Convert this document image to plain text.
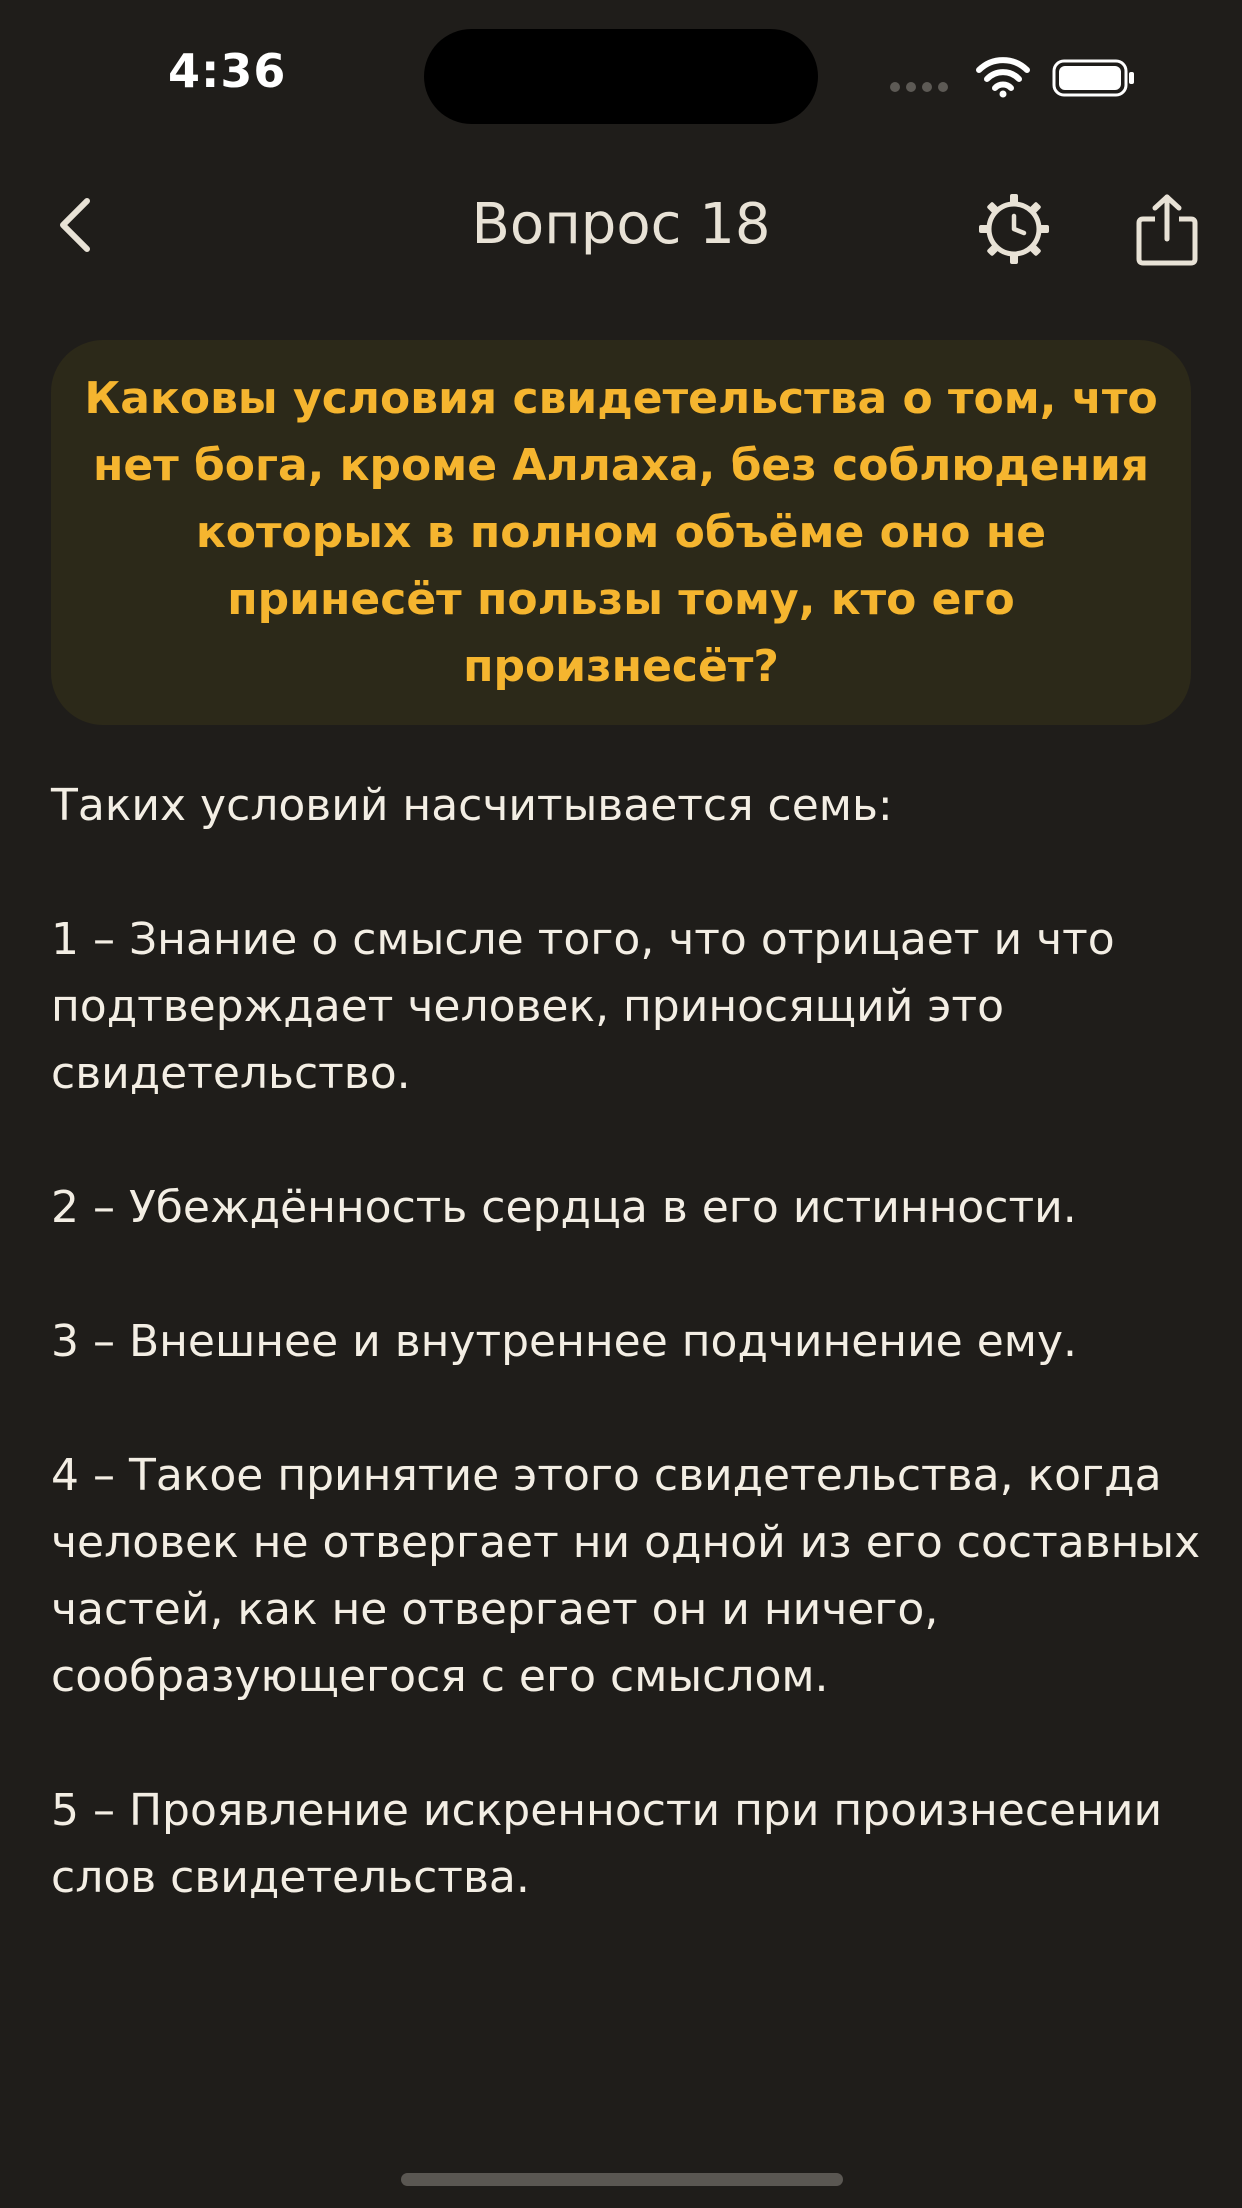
4:36
Вопрос 18

Каковы условия свидетельства о том, что нет бога, кроме Аллаха, без соблюдения которых в полном объёме оно не принесёт пользы тому, кто его произнесёт?

Таких условий насчитывается семь:

1 – Знание о смысле того, что отрицает и что подтверждает человек, приносящий это свидетельство.

2 – Убеждённость сердца в его истинности.

3 – Внешнее и внутреннее подчинение ему.

4 – Такое принятие этого свидетельства, когда человек не отвергает ни одной из его составных частей, как не отвергает он и ничего, сообразующегося с его смыслом.

5 – Проявление искренности при произнесении слов свидетельства.
